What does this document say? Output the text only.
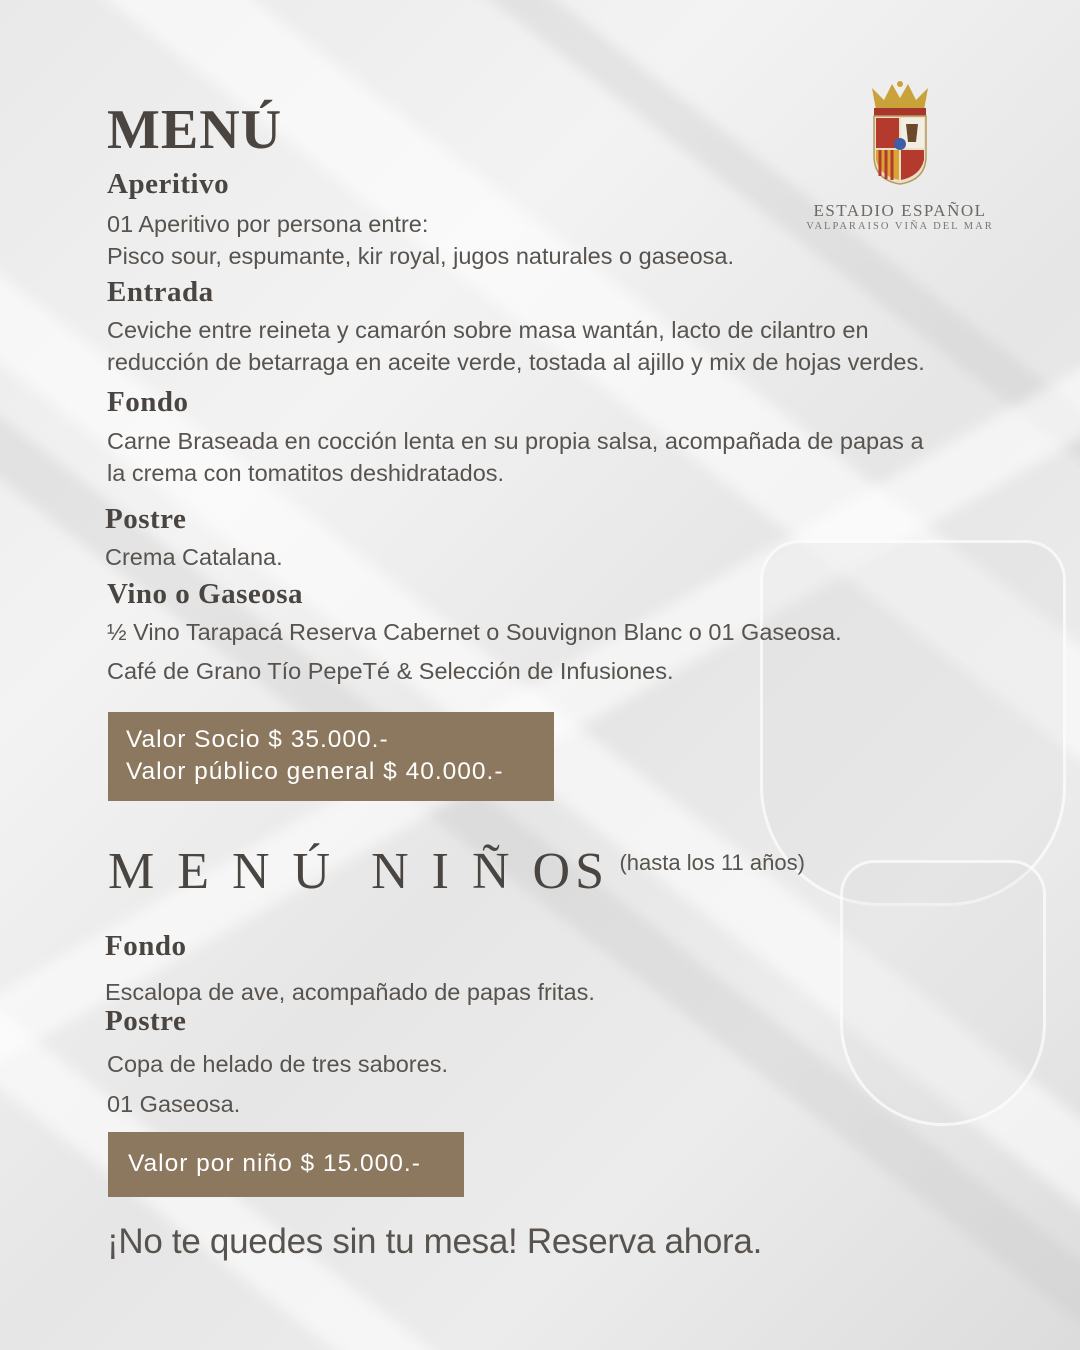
ESTADIO ESPAÑOL
VALPARAISO VIÑA DEL MAR
MENÚ
Aperitivo

01 Aperitivo por persona entre:

Pisco sour, espumante, kir royal, jugos naturales o gaseosa.

Entrada

Ceviche entre reineta y camarón sobre masa wantán, lacto de cilantro en

reducción de betarraga en aceite verde, tostada al ajillo y mix de hojas verdes.

Fondo

Carne Braseada en cocción lenta en su propia salsa, acompañada de papas a

la crema con tomatitos deshidratados.

Postre

Crema Catalana.

Vino o Gaseosa

½ Vino Tarapacá Reserva Cabernet o Souvignon Blanc o 01 Gaseosa.

Café de Grano Tío PepeTé & Selección de Infusiones.

Valor Socio $ 35.000.-
Valor público general $ 40.000.-
M E N Ú  N I Ñ OS (hasta los 11 años)
Fondo

Escalopa de ave, acompañado de papas fritas.

Postre

Copa de helado de tres sabores.

01 Gaseosa.

Valor por niño $ 15.000.-

¡No te quedes sin tu mesa! Reserva ahora.
